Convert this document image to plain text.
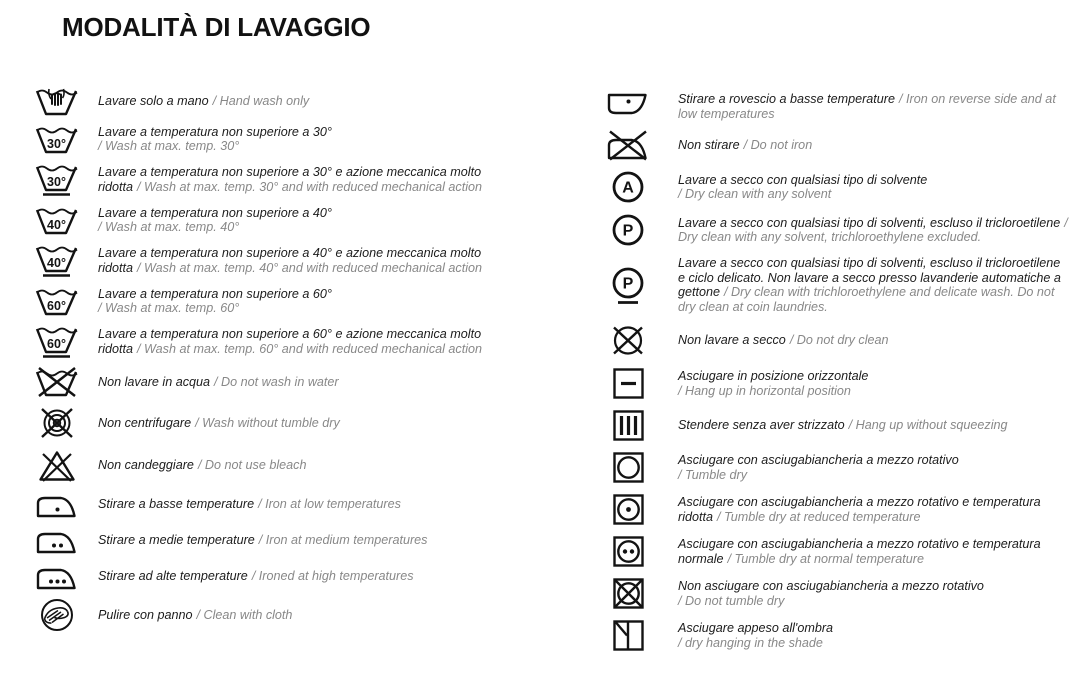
MODALITÀ DI LAVAGGIO
Lavare solo a mano / Hand wash only
30°
Lavare a temperatura non superiore a 30°
/ Wash at max. temp. 30°
30°
Lavare a temperatura non superiore a 30° e azione meccanica molto ridotta / Wash at max. temp. 30° and with reduced mechanical action
40°
Lavare a temperatura non superiore a 40°
/ Wash at max. temp. 40°
40°
Lavare a temperatura non superiore a 40° e azione meccanica molto ridotta / Wash at max. temp. 40° and with reduced mechanical action
60°
Lavare a temperatura non superiore a 60°
/ Wash at max. temp. 60°
60°
Lavare a temperatura non superiore a 60° e azione meccanica molto ridotta / Wash at max. temp. 60° and with reduced mechanical action
Non lavare in acqua / Do not wash in water
Non centrifugare / Wash without tumble dry
Non candeggiare / Do not use bleach
Stirare a basse temperature / Iron at low temperatures
Stirare a medie temperature / Iron at medium temperatures
Stirare ad alte temperature / Ironed at high temperatures
Pulire con panno / Clean with cloth
Stirare a rovescio a basse temperature / Iron on reverse side and at low temperatures
Non stirare / Do not iron
A	Lavare a secco con qualsiasi tipo di solvente
/ Dry clean with any solvent
P	Lavare a secco con qualsiasi tipo di solventi, escluso il tricloroetilene / Dry clean with any solvent, trichloroethylene excluded.
P
Lavare a secco con qualsiasi tipo di solventi, escluso il tricloroetilene e ciclo delicato. Non lavare a secco presso lavanderie automatiche a gettone / Dry clean with trichloroethylene and delicate wash. Do not dry clean at coin laundries.
Non lavare a secco / Do not dry clean
Asciugare in posizione orizzontale
/ Hang up in horizontal position
Stendere senza aver strizzato / Hang up without squeezing
Asciugare con asciugabiancheria a mezzo rotativo
/ Tumble dry
Asciugare con asciugabiancheria a mezzo rotativo e temperatura ridotta / Tumble dry at reduced temperature
Asciugare con asciugabiancheria a mezzo rotativo e temperatura normale / Tumble dry at normal temperature
Non asciugare con asciugabiancheria a mezzo rotativo
/ Do not tumble dry
Asciugare appeso all'ombra
/ dry hanging in the shade
